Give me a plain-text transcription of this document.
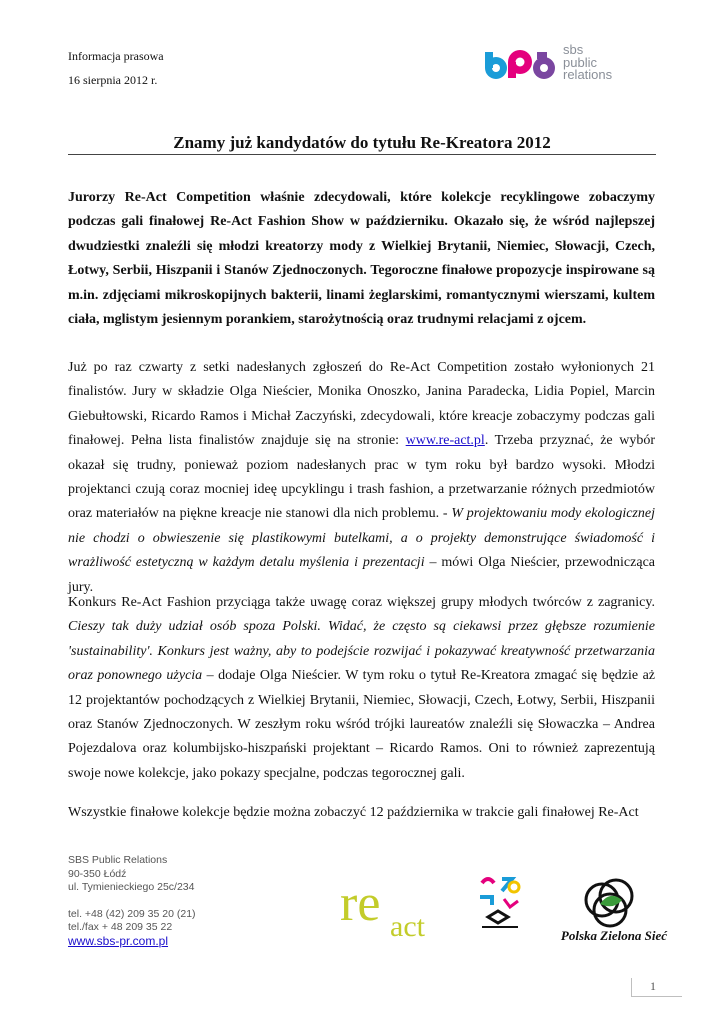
Informacja prasowa
16 sierpnia 2012 r.
sbs
public
relations
Znamy już kandydatów do tytułu Re-Kreatora 2012
Jurorzy Re-Act Competition właśnie zdecydowali, które kolekcje recyklingowe zobaczymy podczas gali finałowej Re-Act Fashion Show w październiku. Okazało się, że wśród najlepszej dwudziestki znaleźli się młodzi kreatorzy mody z Wielkiej Brytanii, Niemiec, Słowacji, Czech, Łotwy, Serbii, Hiszpanii i Stanów Zjednoczonych. Tegoroczne finałowe propozycje inspirowane są m.in. zdjęciami mikroskopijnych bakterii, linami żeglarskimi, romantycznymi wierszami, kultem ciała, mglistym jesiennym porankiem, starożytnością oraz trudnymi relacjami z ojcem.
Już po raz czwarty z setki nadesłanych zgłoszeń do Re-Act Competition zostało wyłonionych 21 finalistów. Jury w składzie Olga Nieścier, Monika Onoszko, Janina Paradecka, Lidia Popiel, Marcin Giebułtowski, Ricardo Ramos i Michał Zaczyński, zdecydowali, które kreacje zobaczymy podczas gali finałowej. Pełna lista finalistów znajduje się na stronie: www.re-act.pl. Trzeba przyznać, że wybór okazał się trudny, ponieważ poziom nadesłanych prac w tym roku był bardzo wysoki. Młodzi projektanci czują coraz mocniej ideę upcyklingu i trash fashion, a przetwarzanie różnych przedmiotów oraz materiałów na piękne kreacje nie stanowi dla nich problemu. - W projektowaniu mody ekologicznej nie chodzi o obwieszenie się plastikowymi butelkami, a o projekty demonstrujące świadomość i wrażliwość estetyczną w każdym detalu myślenia i prezentacji – mówi Olga Nieścier, przewodnicząca jury.
Konkurs Re-Act Fashion przyciąga także uwagę coraz większej grupy młodych twórców z zagranicy. Cieszy tak duży udział osób spoza Polski. Widać, że często są ciekawsi przez głębsze rozumienie 'sustainability'. Konkurs jest ważny, aby to podejście rozwijać i pokazywać kreatywność przetwarzania oraz ponownego użycia – dodaje Olga Nieścier. W tym roku o tytuł Re-Kreatora zmagać się będzie aż 12 projektantów pochodzących z Wielkiej Brytanii, Niemiec, Słowacji, Czech, Łotwy, Serbii, Hiszpanii oraz Stanów Zjednoczonych. W zeszłym roku wśród trójki laureatów znaleźli się Słowaczka – Andrea Pojezdalova oraz kolumbijsko-hiszpański projektant – Ricardo Ramos. Oni to również zaprezentują swoje nowe kolekcje, jako pokazy specjalne, podczas tegorocznej gali.
Wszystkie finałowe kolekcje będzie można zobaczyć 12 października w trakcie gali finałowej Re-Act
SBS Public Relations
90-350 Łódź
ul. Tymienieckiego 25c/234
tel. +48 (42) 209 35 20 (21)
tel./fax + 48 209 35 22
www.sbs-pr.com.pl
re act	Polska Zielona Sieć
1
